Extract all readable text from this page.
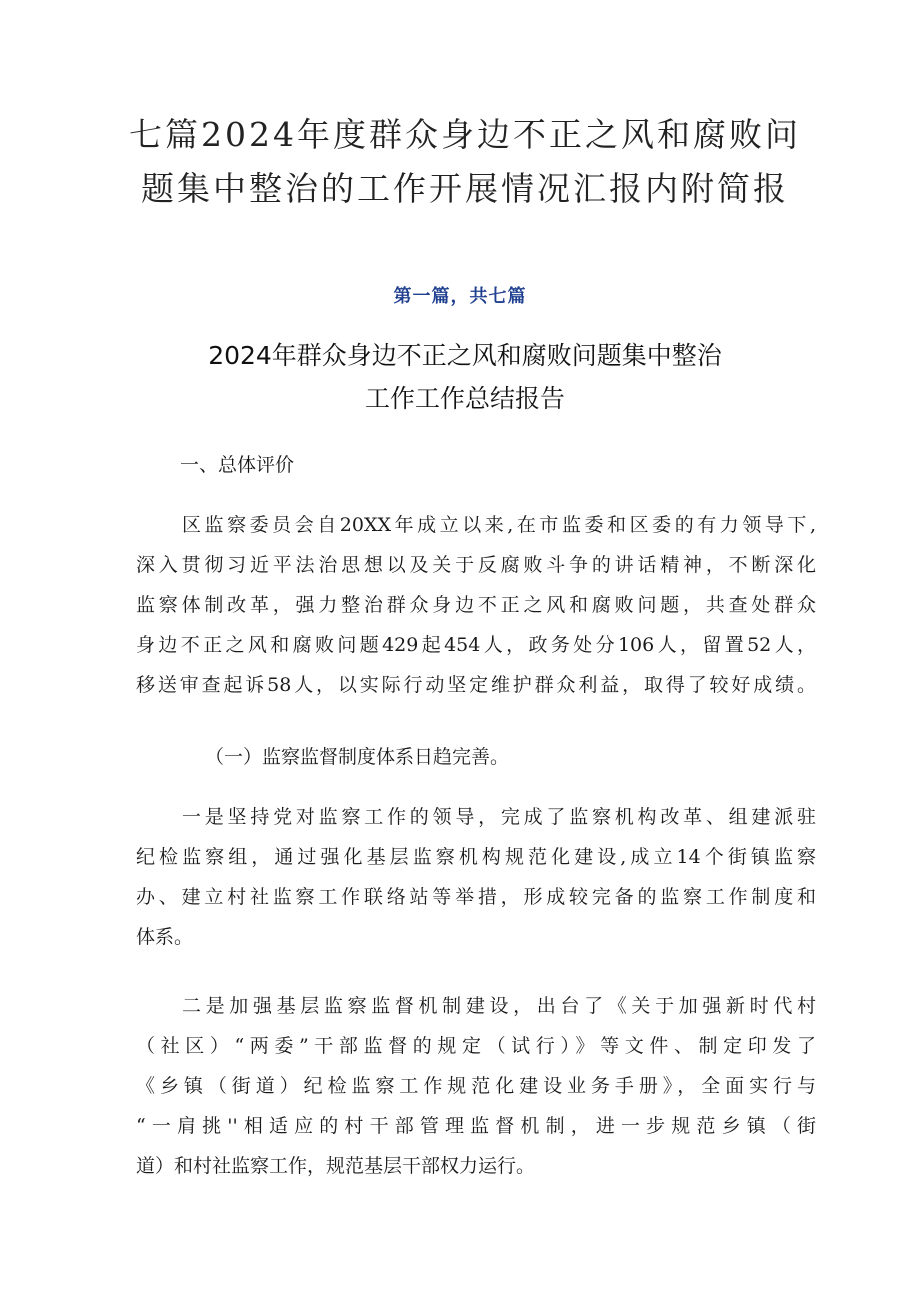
七篇2024年度群众身边不正之风和腐败问
题集中整治的工作开展情况汇报内附简报

第一篇，共七篇

2024年群众身边不正之风和腐败问题集中整治
工作工作总结报告
一、总体评价
区监察委员会自20XX年成立以来,在市监委和区委的有力领导下,
深入贯彻习近平法治思想以及关于反腐败斗争的讲话精神，不断深化
监察体制改革，强力整治群众身边不正之风和腐败问题，共查处群众
身边不正之风和腐败问题429起454人，政务处分106人，留置52人，
移送审查起诉58人，以实际行动坚定维护群众利益，取得了较好成绩。

（一）监察监督制度体系日趋完善。

一是坚持党对监察工作的领导，完成了监察机构改革、组建派驻
纪检监察组，通过强化基层监察机构规范化建设,成立14个街镇监察
办、建立村社监察工作联络站等举措，形成较完备的监察工作制度和
体系。
二是加强基层监察监督机制建设，出台了《关于加强新时代村
（社区）“两委”干部监督的规定（试行）》等文件、制定印发了
《乡镇（街道）纪检监察工作规范化建设业务手册》，全面实行与
“一肩挑''相适应的村干部管理监督机制，进一步规范乡镇（街
道）和村社监察工作，规范基层干部权力运行。
